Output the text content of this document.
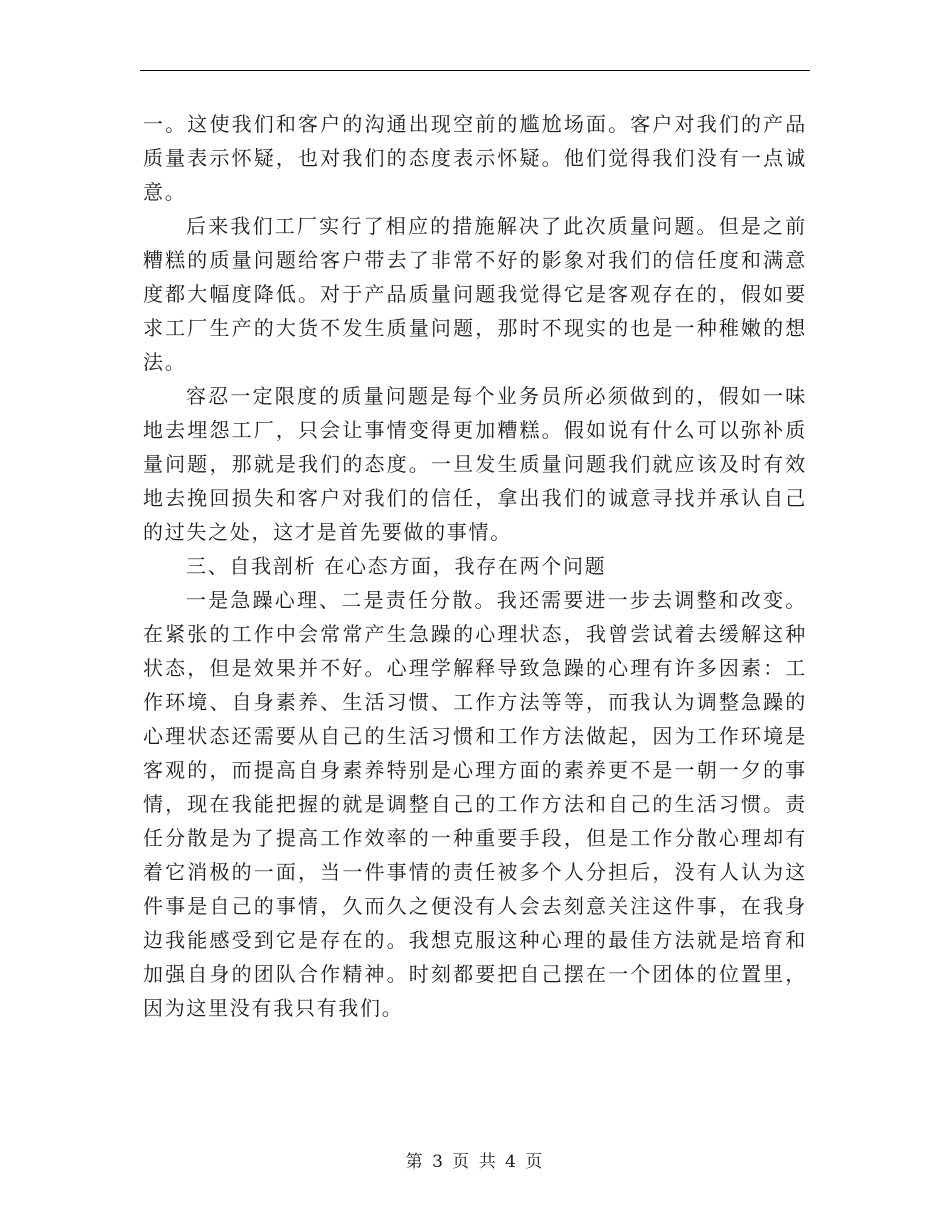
一。这使我们和客户的沟通出现空前的尴尬场面。客户对我们的产品质量表示怀疑，也对我们的态度表示怀疑。他们觉得我们没有一点诚意。

后来我们工厂实行了相应的措施解决了此次质量问题。但是之前糟糕的质量问题给客户带去了非常不好的影象对我们的信任度和满意度都大幅度降低。对于产品质量问题我觉得它是客观存在的，假如要求工厂生产的大货不发生质量问题，那时不现实的也是一种稚嫩的想法。

容忍一定限度的质量问题是每个业务员所必须做到的，假如一味地去埋怨工厂，只会让事情变得更加糟糕。假如说有什么可以弥补质量问题，那就是我们的态度。一旦发生质量问题我们就应该及时有效地去挽回损失和客户对我们的信任，拿出我们的诚意寻找并承认自己的过失之处，这才是首先要做的事情。

三、自我剖析 在心态方面，我存在两个问题

一是急躁心理、二是责任分散。我还需要进一步去调整和改变。在紧张的工作中会常常产生急躁的心理状态，我曾尝试着去缓解这种状态，但是效果并不好。心理学解释导致急躁的心理有许多因素：工作环境、自身素养、生活习惯、工作方法等等，而我认为调整急躁的心理状态还需要从自己的生活习惯和工作方法做起，因为工作环境是客观的，而提高自身素养特别是心理方面的素养更不是一朝一夕的事情，现在我能把握的就是调整自己的工作方法和自己的生活习惯。责任分散是为了提高工作效率的一种重要手段，但是工作分散心理却有着它消极的一面，当一件事情的责任被多个人分担后，没有人认为这件事是自己的事情，久而久之便没有人会去刻意关注这件事，在我身边我能感受到它是存在的。我想克服这种心理的最佳方法就是培育和加强自身的团队合作精神。时刻都要把自己摆在一个团体的位置里，因为这里没有我只有我们。

第 3 页 共 4 页
